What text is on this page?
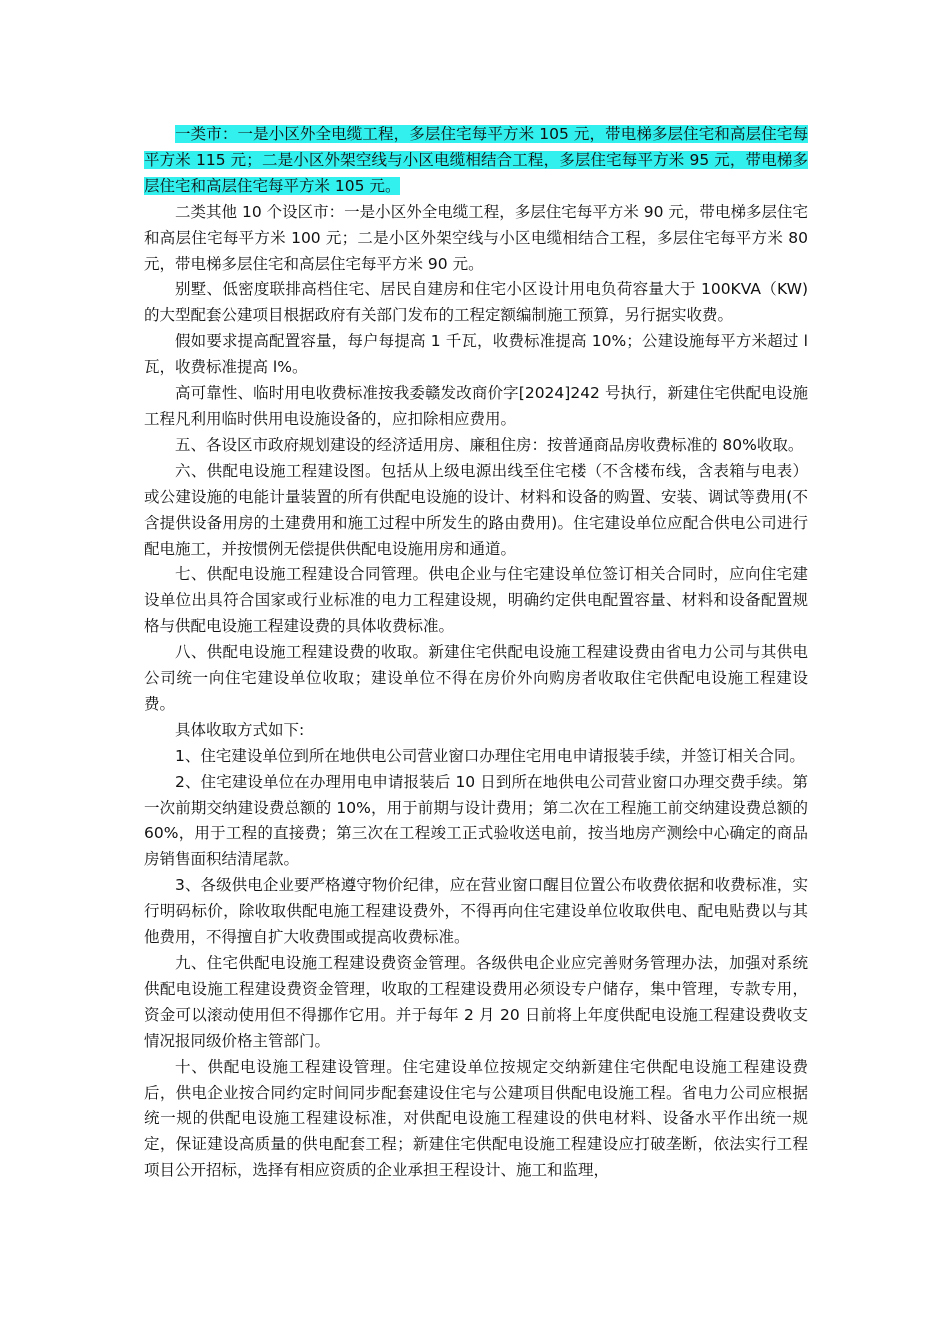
一类市：一是小区外全电缆工程，多层住宅每平方米 105 元，带电梯多层住宅和高层住宅每平方米 115 元；二是小区外架空线与小区电缆相结合工程，多层住宅每平方米 95 元，带电梯多层住宅和高层住宅每平方米 105 元。

二类其他 10 个设区市：一是小区外全电缆工程，多层住宅每平方米 90 元，带电梯多层住宅和高层住宅每平方米 100 元；二是小区外架空线与小区电缆相结合工程，多层住宅每平方米 80 元，带电梯多层住宅和高层住宅每平方米 90 元。

别墅、低密度联排高档住宅、居民自建房和住宅小区设计用电负荷容量大于 100KVA（KW)的大型配套公建项目根据政府有关部门发布的工程定额编制施工预算，另行据实收费。

假如要求提高配置容量，每户每提高 1 千瓦，收费标准提高 10%；公建设施每平方米超过 l 瓦，收费标准提高 l%。

高可靠性、临时用电收费标准按我委赣发改商价字[2024]242 号执行，新建住宅供配电设施工程凡利用临时供用电设施设备的，应扣除相应费用。

五、各设区市政府规划建设的经济适用房、廉租住房：按普通商品房收费标准的 80%收取。

六、供配电设施工程建设图。包括从上级电源出线至住宅楼（不含楼布线，含表箱与电表）或公建设施的电能计量装置的所有供配电设施的设计、材料和设备的购置、安装、调试等费用(不含提供设备用房的土建费用和施工过程中所发生的路由费用)。住宅建设单位应配合供电公司进行配电施工，并按惯例无偿提供供配电设施用房和通道。

七、供配电设施工程建设合同管理。供电企业与住宅建设单位签订相关合同时，应向住宅建设单位出具符合国家或行业标准的电力工程建设规，明确约定供电配置容量、材料和设备配置规格与供配电设施工程建设费的具体收费标准。

八、供配电设施工程建设费的收取。新建住宅供配电设施工程建设费由省电力公司与其供电公司统一向住宅建设单位收取；建设单位不得在房价外向购房者收取住宅供配电设施工程建设费。

具体收取方式如下:

1、住宅建设单位到所在地供电公司营业窗口办理住宅用电申请报装手续，并签订相关合同。

2、住宅建设单位在办理用电申请报装后 10 日到所在地供电公司营业窗口办理交费手续。第一次前期交纳建设费总额的 10%，用于前期与设计费用；第二次在工程施工前交纳建设费总额的 60%，用于工程的直接费；第三次在工程竣工正式验收送电前，按当地房产测绘中心确定的商品房销售面积结清尾款。

3、各级供电企业要严格遵守物价纪律，应在营业窗口醒目位置公布收费依据和收费标准，实行明码标价，除收取供配电施工程建设费外，不得再向住宅建设单位收取供电、配电贴费以与其他费用，不得擅自扩大收费围或提高收费标准。

九、住宅供配电设施工程建设费资金管理。各级供电企业应完善财务管理办法，加强对系统供配电设施工程建设费资金管理，收取的工程建设费用必须设专户储存，集中管理，专款专用，资金可以滚动使用但不得挪作它用。并于每年 2 月 20 日前将上年度供配电设施工程建设费收支情况报同级价格主管部门。

十、供配电设施工程建设管理。住宅建设单位按规定交纳新建住宅供配电设施工程建设费后，供电企业按合同约定时间同步配套建设住宅与公建项目供配电设施工程。省电力公司应根据统一规的供配电设施工程建设标准，对供配电设施工程建设的供电材料、设备水平作出统一规定，保证建设高质量的供电配套工程；新建住宅供配电设施工程建设应打破垄断，依法实行工程项目公开招标，选择有相应资质的企业承担王程设计、施工和监理，
